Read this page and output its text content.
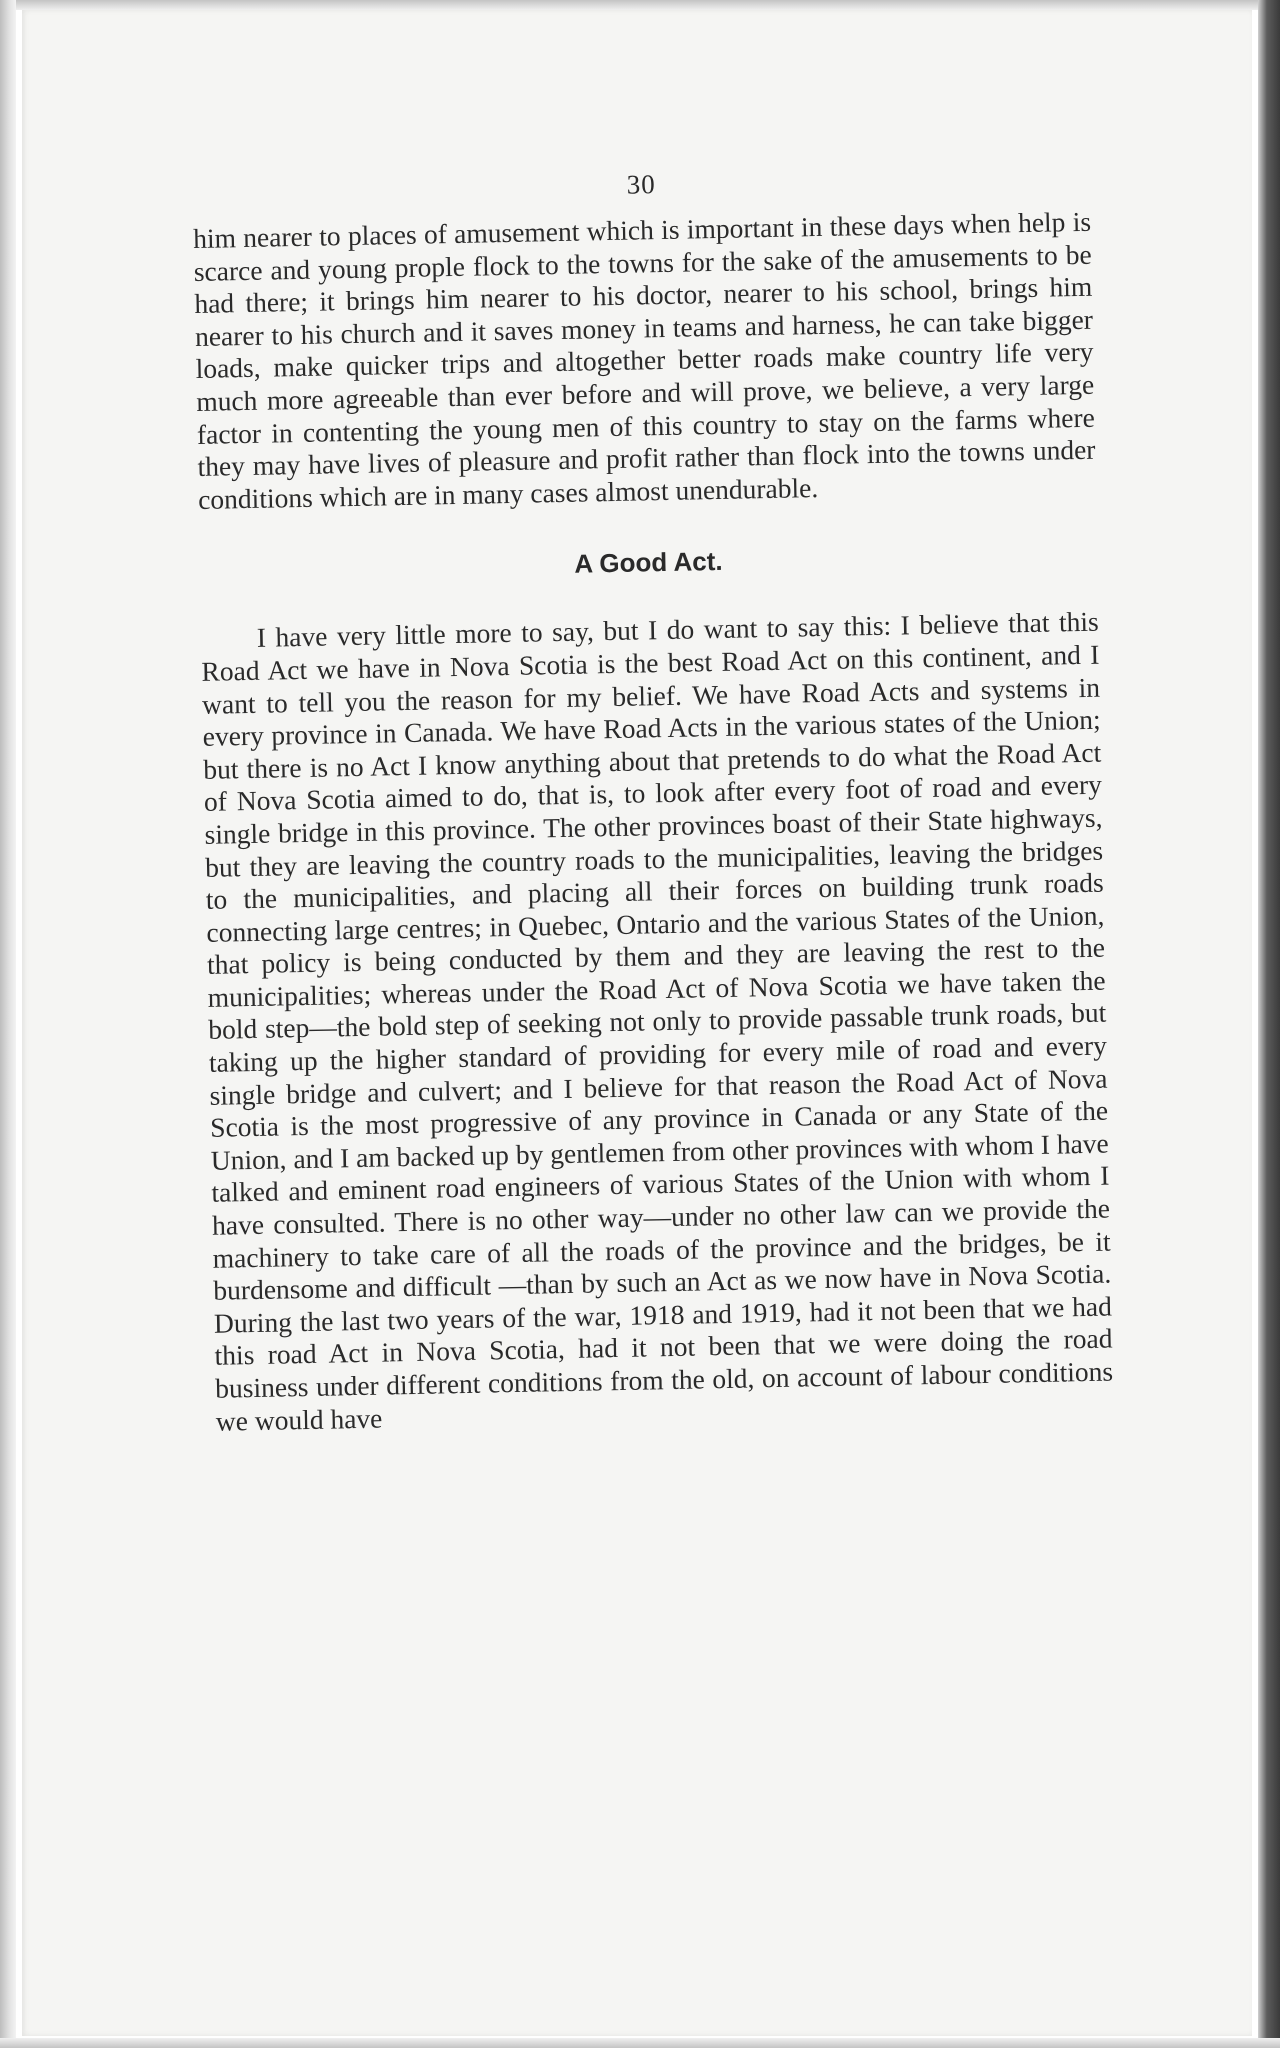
30

him nearer to places of amusement which is important in these days when help is scarce and young prople flock to the towns for the sake of the amusements to be had there; it brings him nearer to his doctor, nearer to his school, brings him nearer to his church and it saves money in teams and harness, he can take bigger loads, make quicker trips and altogether better roads make country life very much more agreeable than ever before and will prove, we believe, a very large factor in contenting the young men of this country to stay on the farms where they may have lives of pleasure and profit rather than flock into the towns under conditions which are in many cases almost unendurable.

A Good Act.

I have very little more to say, but I do want to say this: I believe that this Road Act we have in Nova Scotia is the best Road Act on this continent, and I want to tell you the reason for my belief. We have Road Acts and systems in every province in Canada. We have Road Acts in the various states of the Union; but there is no Act I know anything about that pretends to do what the Road Act of Nova Scotia aimed to do, that is, to look after every foot of road and every single bridge in this province. The other provinces boast of their State highways, but they are leaving the country roads to the municipalities, leaving the bridges to the municipalities, and placing all their forces on building trunk roads connecting large centres; in Quebec, Ontario and the various States of the Union, that policy is being conducted by them and they are leaving the rest to the municipalities; whereas under the Road Act of Nova Scotia we have taken the bold step—the bold step of seeking not only to provide passable trunk roads, but taking up the higher standard of providing for every mile of road and every single bridge and culvert; and I believe for that reason the Road Act of Nova Scotia is the most progressive of any province in Canada or any State of the Union, and I am backed up by gentlemen from other provinces with whom I have talked and eminent road engineers of various States of the Union with whom I have consulted. There is no other way—under no other law can we provide the machinery to take care of all the roads of the province and the bridges, be it burdensome and difficult —than by such an Act as we now have in Nova Scotia. During the last two years of the war, 1918 and 1919, had it not been that we had this road Act in Nova Scotia, had it not been that we were doing the road business under different conditions from the old, on account of labour conditions we would have
